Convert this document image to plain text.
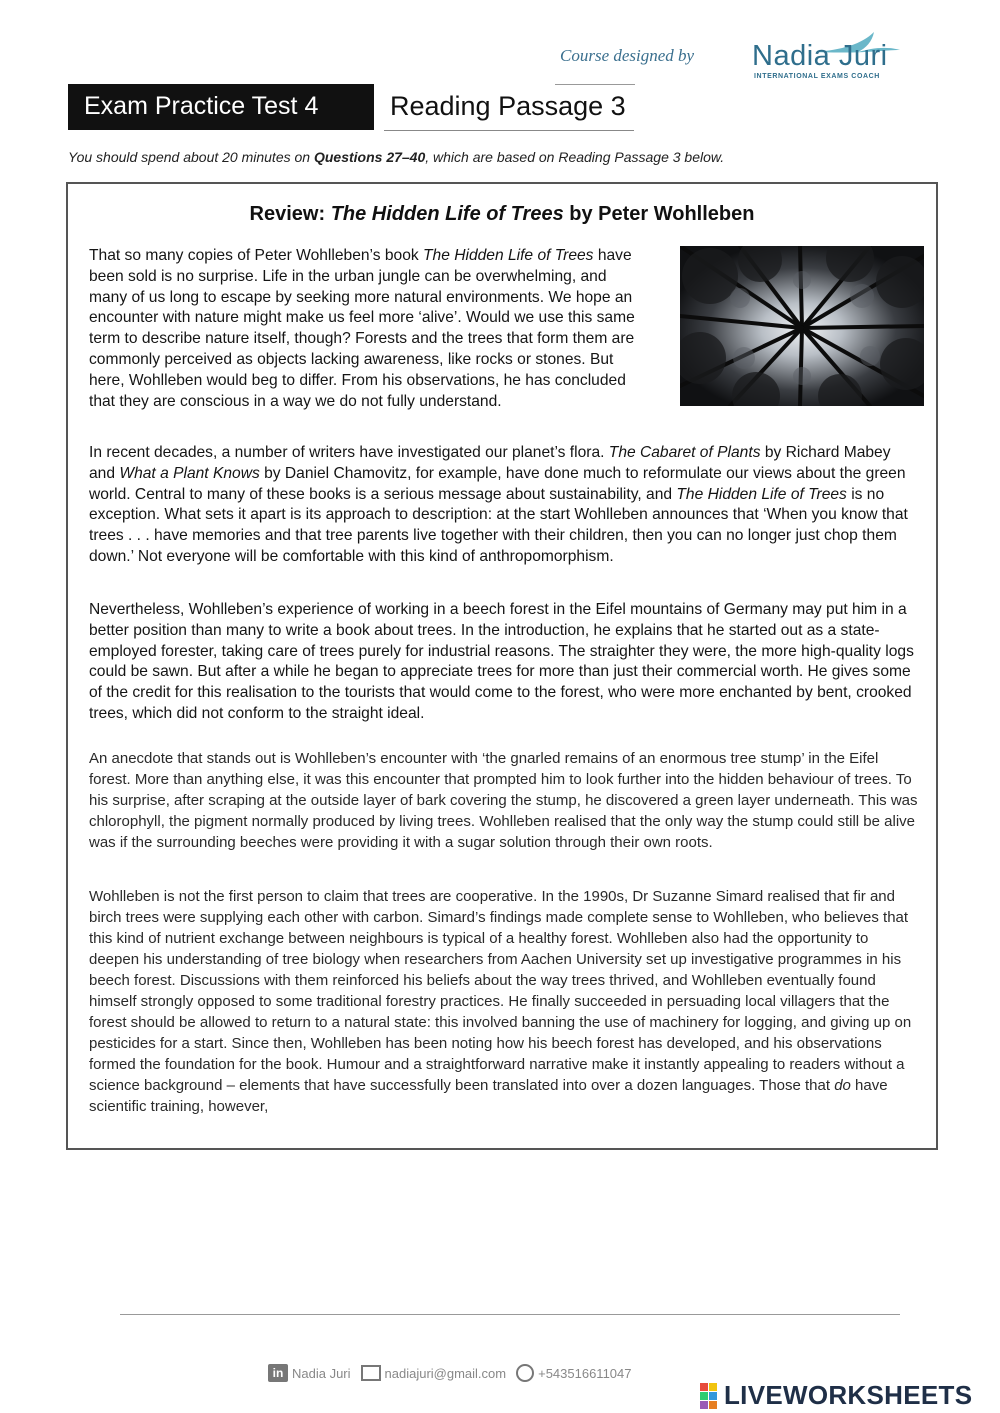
Course designed by Nadia Juri
INTERNATIONAL EXAMS COACH
Exam Practice Test 4	Reading Passage 3
You should spend about 20 minutes on Questions 27–40, which are based on Reading Passage 3 below.
Review: The Hidden Life of Trees by Peter Wohlleben
That so many copies of Peter Wohlleben’s book The Hidden Life of Trees have been sold is no surprise. Life in the urban jungle can be overwhelming, and many of us long to escape by seeking more natural environments. We hope an encounter with nature might make us feel more ‘alive’. Would we use this same term to describe nature itself, though? Forests and the trees that form them are commonly perceived as objects lacking awareness, like rocks or stones. But here, Wohlleben would beg to differ. From his observations, he has concluded that they are conscious in a way we do not fully understand.
In recent decades, a number of writers have investigated our planet’s flora. The Cabaret of Plants by Richard Mabey and What a Plant Knows by Daniel Chamovitz, for example, have done much to reformulate our views about the green world. Central to many of these books is a serious message about sustainability, and The Hidden Life of Trees is no exception. What sets it apart is its approach to description: at the start Wohlleben announces that ‘When you know that trees . . . have memories and that tree parents live together with their children, then you can no longer just chop them down.’ Not everyone will be comfortable with this kind of anthropomorphism.
Nevertheless, Wohlleben’s experience of working in a beech forest in the Eifel mountains of Germany may put him in a better position than many to write a book about trees. In the introduction, he explains that he started out as a state-employed forester, taking care of trees purely for industrial reasons. The straighter they were, the more high-quality logs could be sawn. But after a while he began to appreciate trees for more than just their commercial worth. He gives some of the credit for this realisation to the tourists that would come to the forest, who were more enchanted by bent, crooked trees, which did not conform to the straight ideal.
An anecdote that stands out is Wohlleben’s encounter with ‘the gnarled remains of an enormous tree stump’ in the Eifel forest. More than anything else, it was this encounter that prompted him to look further into the hidden behaviour of trees. To his surprise, after scraping at the outside layer of bark covering the stump, he discovered a green layer underneath. This was chlorophyll, the pigment normally produced by living trees. Wohlleben realised that the only way the stump could still be alive was if the surrounding beeches were providing it with a sugar solution through their own roots.
Wohlleben is not the first person to claim that trees are cooperative. In the 1990s, Dr Suzanne Simard realised that fir and birch trees were supplying each other with carbon. Simard’s findings made complete sense to Wohlleben, who believes that this kind of nutrient exchange between neighbours is typical of a healthy forest. Wohlleben also had the opportunity to deepen his understanding of tree biology when researchers from Aachen University set up investigative programmes in his beech forest. Discussions with them reinforced his beliefs about the way trees thrived, and Wohlleben eventually found himself strongly opposed to some traditional forestry practices. He finally succeeded in persuading local villagers that the forest should be allowed to return to a natural state: this involved banning the use of machinery for logging, and giving up on pesticides for a start. Since then, Wohlleben has been noting how his beech forest has developed, and his observations formed the foundation for the book. Humour and a straightforward narrative make it instantly appealing to readers without a science background – elements that have successfully been translated into over a dozen languages. Those that do have scientific training, however,
in Nadia Juri	nadiajuri@gmail.com +543516611047
LIVEWORKSHEETS
